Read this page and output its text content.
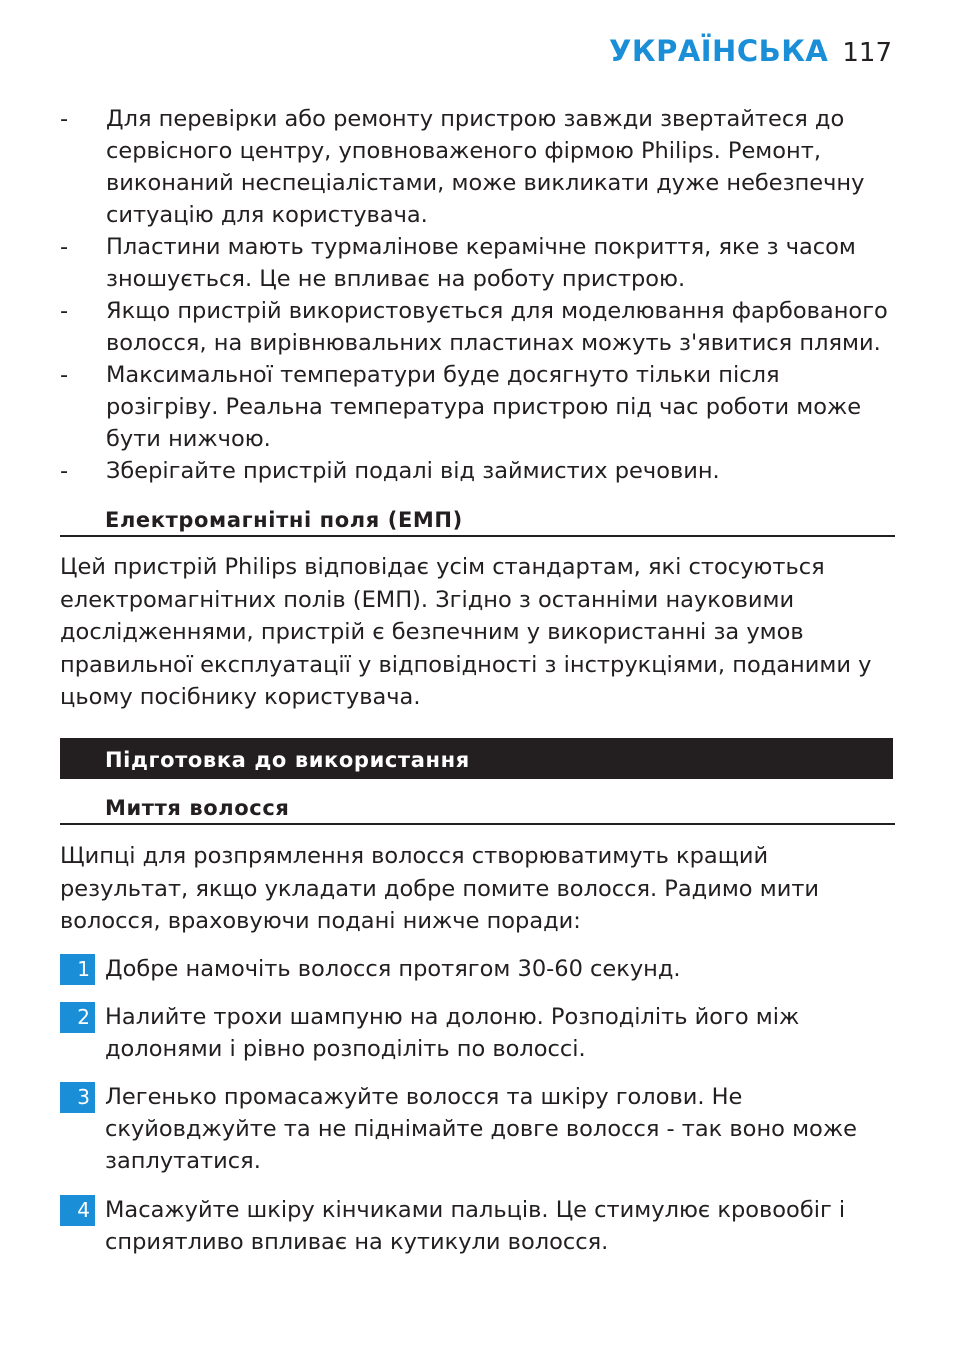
УКРАЇНСЬКА 117
-	Для перевірки або ремонту пристрою завжди звертайтеся до сервісного центру, уповноваженого фірмою Philips. Ремонт, виконаний неспеціалістами, може викликати дуже небезпечну ситуацію для користувача.
-	Пластини мають турмалінове керамічне покриття, яке з часом зношується. Це не впливає на роботу пристрою.
-	Якщо пристрій використовується для моделювання фарбованого волосся, на вирівнювальних пластинах можуть з'явитися плями.
-	Максимальної температури буде досягнуто тільки після розігріву. Реальна температура пристрою під час роботи може бути нижчою.
-	Зберігайте пристрій подалі від займистих речовин.
Електромагнітні поля (ЕМП)
Цей пристрій Philips відповідає усім стандартам, які стосуються електромагнітних полів (ЕМП). Згідно з останніми науковими дослідженнями, пристрій є безпечним у використанні за умов правильної експлуатації у відповідності з інструкціями, поданими у цьому посібнику користувача.
Підготовка до використання
Миття волосся
Щипці для розпрямлення волосся створюватимуть кращий результат, якщо укладати добре помите волосся. Радимо мити волосся, враховуючи подані нижче поради:
1 Добре намочіть волосся протягом 30-60 секунд.
2 Налийте трохи шампуню на долоню. Розподіліть його між долонями і рівно розподіліть по волоссі.
3 Легенько промасажуйте волосся та шкіру голови. Не скуйовджуйте та не піднімайте довге волосся - так воно може заплутатися.
4 Масажуйте шкіру кінчиками пальців. Це стимулює кровообіг і сприятливо впливає на кутикули волосся.
